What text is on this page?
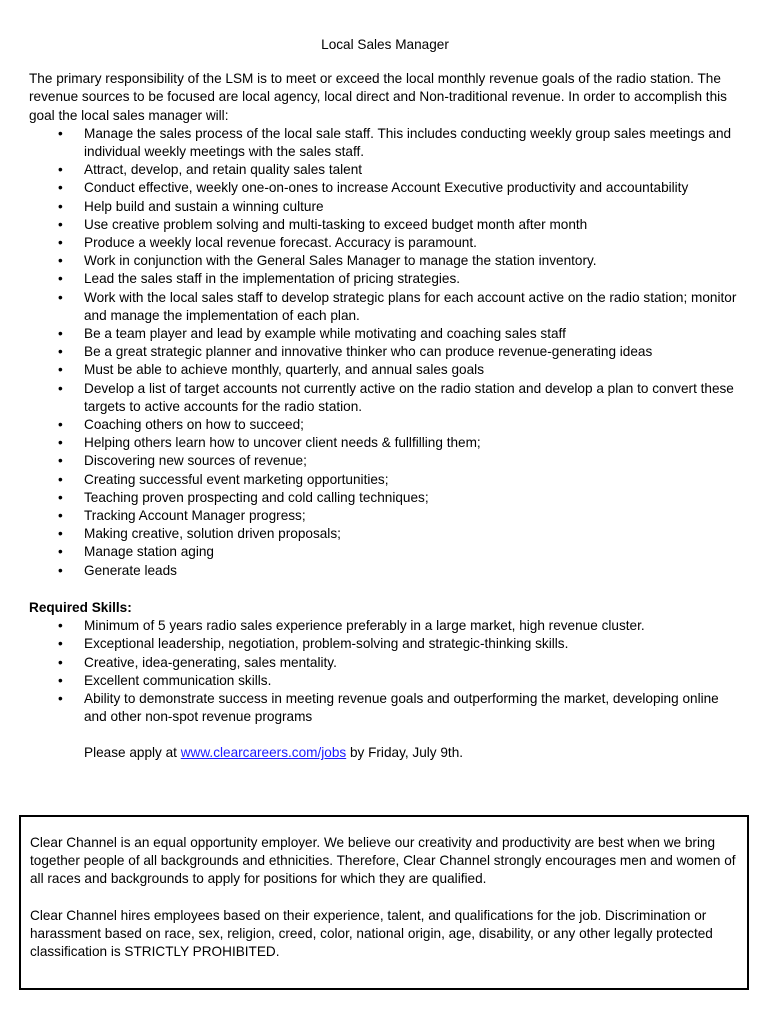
Local Sales Manager

The primary responsibility of the LSM is to meet or exceed the local monthly revenue goals of the radio station. The revenue sources to be focused are local agency, local direct and Non-traditional revenue. In order to accomplish this goal the local sales manager will:

• Manage the sales process of the local sale staff. This includes conducting weekly group sales meetings and individual weekly meetings with the sales staff.
• Attract, develop, and retain quality sales talent
• Conduct effective, weekly one-on-ones to increase Account Executive productivity and accountability
• Help build and sustain a winning culture
• Use creative problem solving and multi-tasking to exceed budget month after month
• Produce a weekly local revenue forecast. Accuracy is paramount.
• Work in conjunction with the General Sales Manager to manage the station inventory.
• Lead the sales staff in the implementation of pricing strategies.
• Work with the local sales staff to develop strategic plans for each account active on the radio station; monitor and manage the implementation of each plan.
• Be a team player and lead by example while motivating and coaching sales staff
• Be a great strategic planner and innovative thinker who can produce revenue-generating ideas
• Must be able to achieve monthly, quarterly, and annual sales goals
• Develop a list of target accounts not currently active on the radio station and develop a plan to convert these targets to active accounts for the radio station.
• Coaching others on how to succeed;
• Helping others learn how to uncover client needs & fullfilling them;
• Discovering new sources of revenue;
• Creating successful event marketing opportunities;
• Teaching proven prospecting and cold calling techniques;
• Tracking Account Manager progress;
• Making creative, solution driven proposals;
• Manage station aging
• Generate leads

Required Skills:

• Minimum of 5 years radio sales experience preferably in a large market, high revenue cluster.
• Exceptional leadership, negotiation, problem-solving and strategic-thinking skills.
• Creative, idea-generating, sales mentality.
• Excellent communication skills.
• Ability to demonstrate success in meeting revenue goals and outperforming the market, developing online and other non-spot revenue programs

Please apply at www.clearcareers.com/jobs by Friday, July 9th.

Clear Channel is an equal opportunity employer. We believe our creativity and productivity are best when we bring together people of all backgrounds and ethnicities. Therefore, Clear Channel strongly encourages men and women of all races and backgrounds to apply for positions for which they are qualified.

Clear Channel hires employees based on their experience, talent, and qualifications for the job. Discrimination or harassment based on race, sex, religion, creed, color, national origin, age, disability, or any other legally protected classification is STRICTLY PROHIBITED.
